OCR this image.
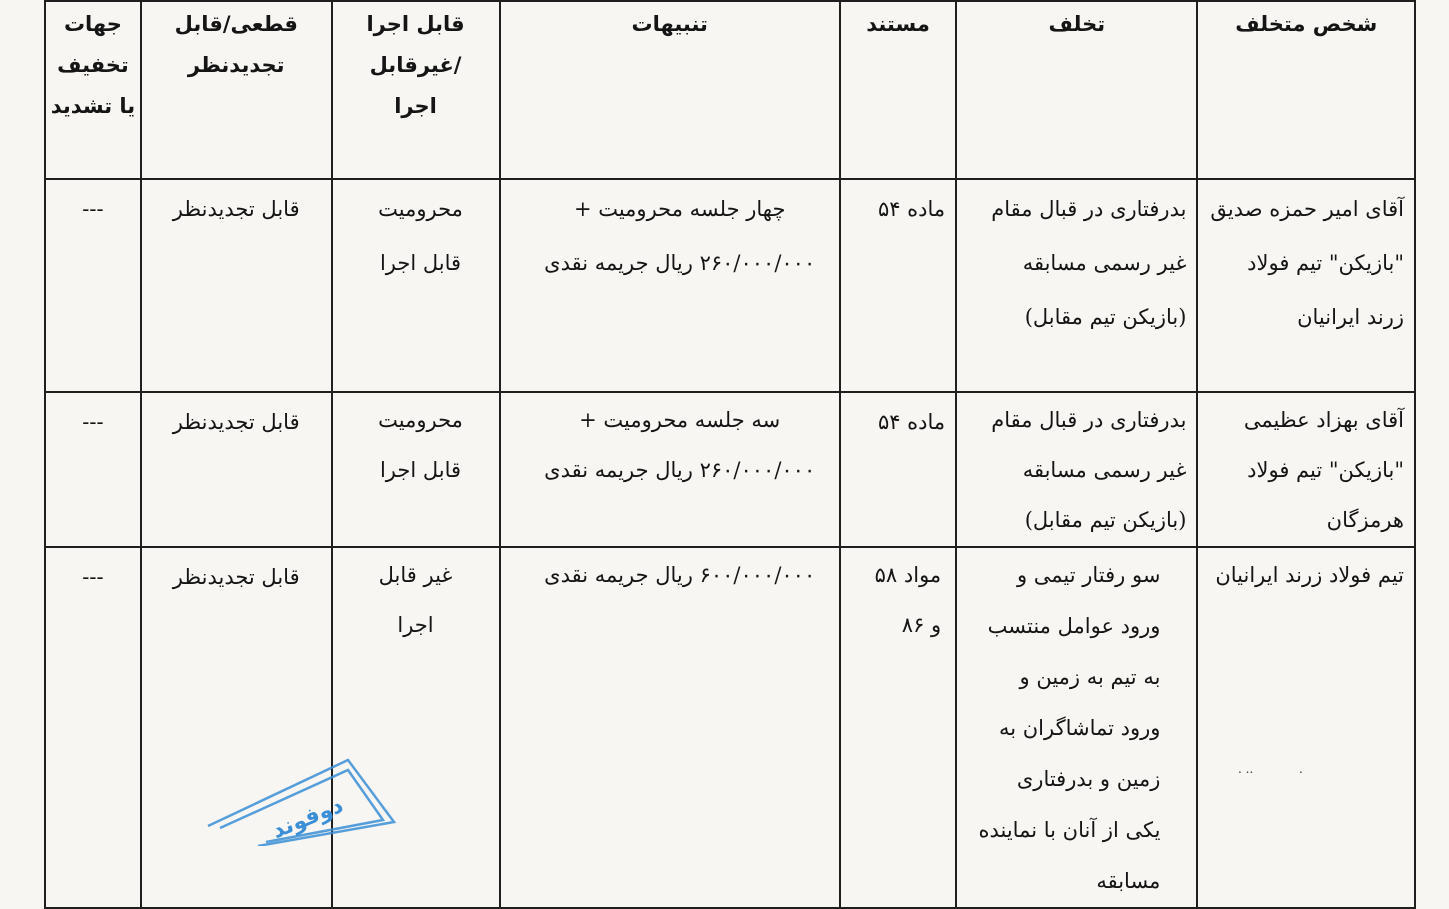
شخص متخلف	تخلف	مستند	تنبیهات	قابل اجرا /غیرقابل اجرا	قطعی/قابل تجدیدنظر	جهات تخفیف یا تشدید
آقای امیر حمزه صدیق "بازیکن" تیم فولاد زرند ایرانیان	بدرفتاری در قبال مقام غیر رسمی مسابقه (بازیکن تیم مقابل)	ماده ۵۴	چهار جلسه محرومیت + ۲۶۰/۰۰۰/۰۰۰ ریال جریمه نقدی	محرومیت قابل اجرا	قابل تجدیدنظر	---
آقای بهزاد عظیمی "بازیکن" تیم فولاد هرمزگان	بدرفتاری در قبال مقام غیر رسمی مسابقه (بازیکن تیم مقابل)	ماده ۵۴	سه جلسه محرومیت + ۲۶۰/۰۰۰/۰۰۰ ریال جریمه نقدی	محرومیت قابل اجرا	قابل تجدیدنظر	---
تیم فولاد زرند ایرانیان	سو رفتار تیمی و ورود عوامل منتسب به تیم به زمین و ورود تماشاگران به زمین و بدرفتاری یکی از آنان با نماینده مسابقه	مواد ۵۸ و ۸۶	۶۰۰/۰۰۰/۰۰۰ ریال جریمه نقدی	غیر قابل اجرا	قابل تجدیدنظر	---
. ..            .
دوفوند
